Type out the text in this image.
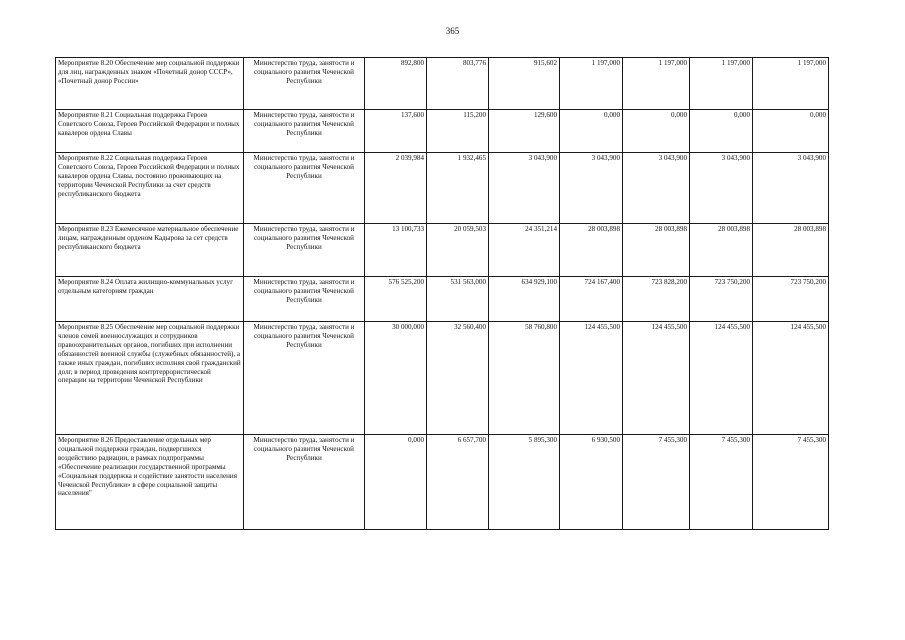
365
Мероприятие 8.20 Обеспечение мер социальной поддержки для лиц, награжденных знаком «Почетный донор СССР», «Почетный донор России»	Министерство труда, занятости и социального развития Чеченской Республики	892,800	803,776	915,602	1 197,000	1 197,000	1 197,000	1 197,000
Мероприятие 8.21 Социальная поддержка Героев Советского Союза, Героев Российской Федерации и полных кавалеров ордена Славы	Министерство труда, занятости и социального развития Чеченской Республики	137,600	115,200	129,600	0,000	0,000	0,000	0,000
Мероприятие 8.22 Социальная поддержка Героев Советского Союза, Героев Российской Федерации и полных кавалеров ордена Славы, постоянно проживающих на территории Чеченской Республики за счет средств республиканского бюджета	Министерство труда, занятости и социального развития Чеченской Республики	2 039,984	1 932,465	3 043,900	3 043,900	3 043,900	3 043,900	3 043,900
Мероприятие 8.23 Ежемесячное материальное обеспечение лицам, награжденным орденом Кадырова за сет средств республиканского бюджета	Министерство труда, занятости и социального развития Чеченской Республики	13 100,733	20 059,503	24 351,214	28 003,898	28 003,898	28 003,898	28 003,898
Мероприятие 8.24 Оплата жилищно-коммунальных услуг отдельным категориям граждан	Министерство труда, занятости и социального развития Чеченской Республики	576 525,200	531 563,000	634 929,100	724 167,400	723 828,200	723 750,200	723 750,200
Мероприятие 8.25 Обеспечение мер социальной поддержки членов семей военнослужащих и сотрудников правоохранительных органов, погибших при исполнении обязанностей военной службы (служебных обязанностей), а также иных граждан, погибших исполняя свой гражданский долг, в период проведения контртеррористической операции на территории Чеченской Республики	Министерство труда, занятости и социального развития Чеченской Республики	30 000,000	32 560,400	58 760,800	124 455,500	124 455,500	124 455,500	124 455,500
Мероприятие 8.26 Предоставление отдельных мер социальной поддержки граждан, подвергшихся воздействию радиации, в рамках подпрограммы «Обеспечение реализации государственной программы «Социальная поддержка и содействие занятости населения Чеченской Республики» в сфере социальной защиты населения"	Министерство труда, занятости и социального развития Чеченской Республики	0,000	6 657,700	5 895,300	6 930,500	7 455,300	7 455,300	7 455,300
